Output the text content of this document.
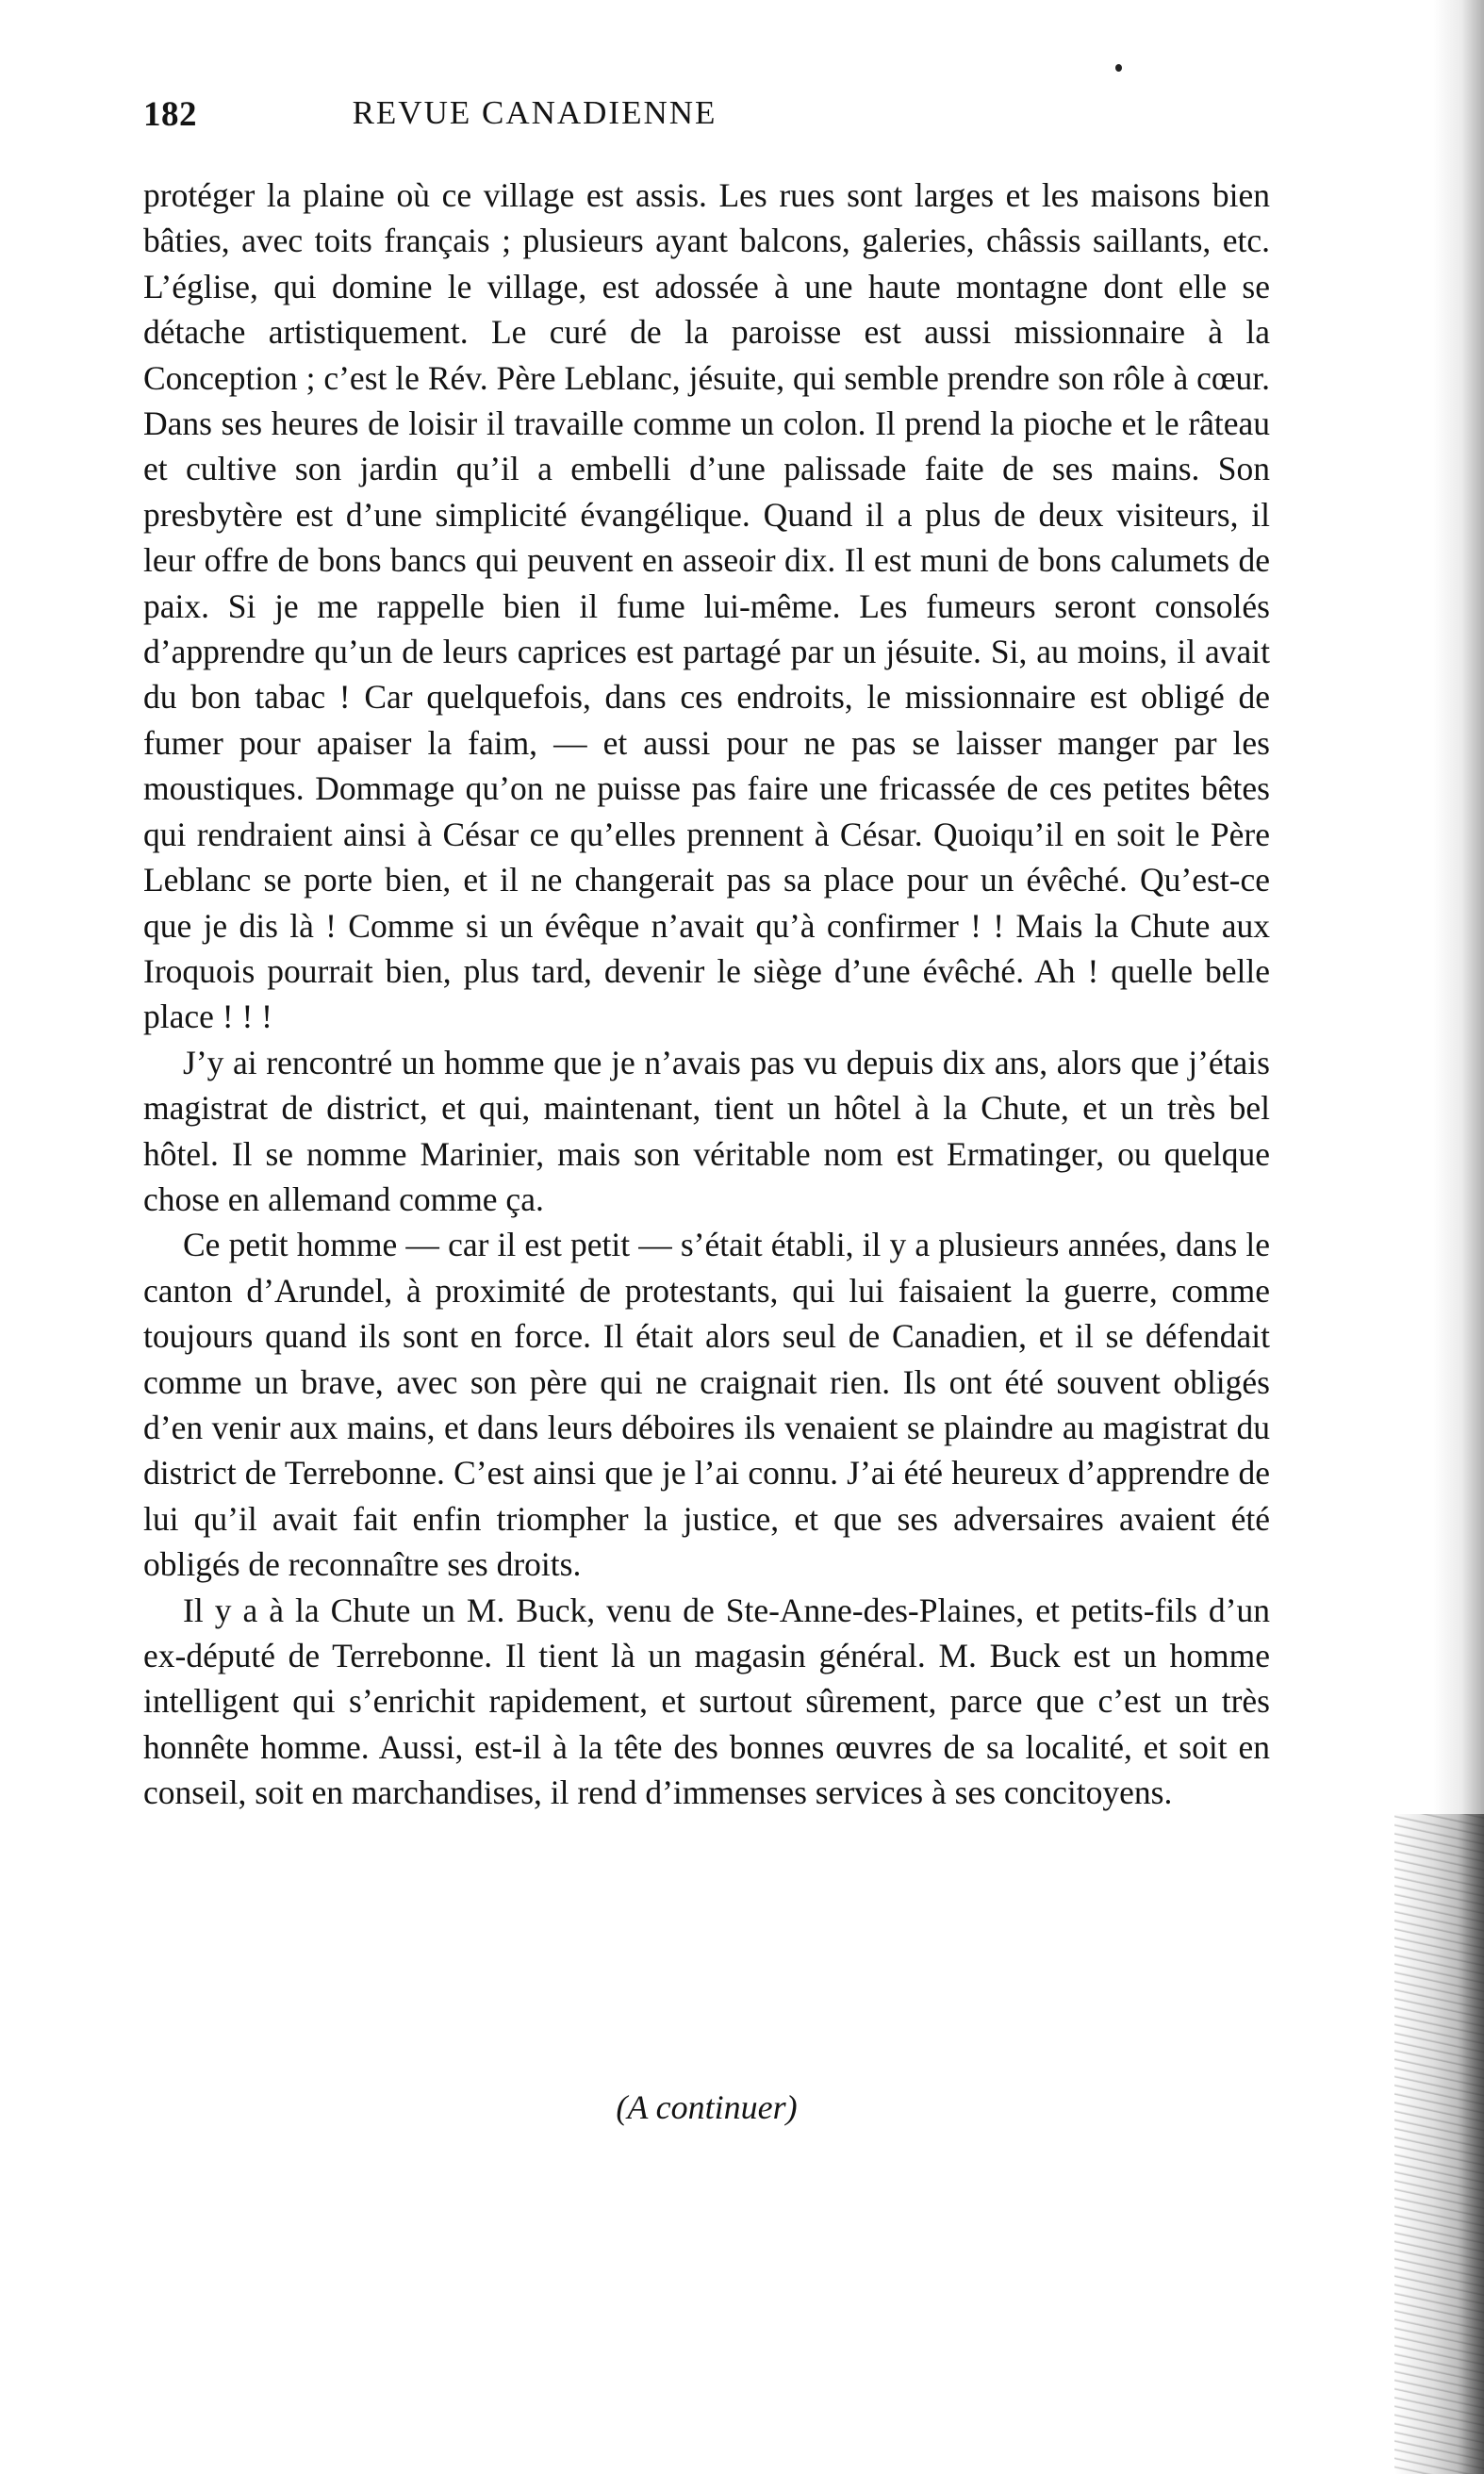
182	REVUE CANADIENNE

protéger la plaine où ce village est assis. Les rues sont larges et les maisons bien bâties, avec toits français ; plusieurs ayant balcons, galeries, châssis saillants, etc. L’église, qui domine le village, est adossée à une haute montagne dont elle se détache artistiquement. Le curé de la paroisse est aussi missionnaire à la Conception ; c’est le Rév. Père Leblanc, jésuite, qui semble prendre son rôle à cœur. Dans ses heures de loisir il travaille comme un colon. Il prend la pioche et le râteau et cultive son jardin qu’il a embelli d’une palissade faite de ses mains. Son presbytère est d’une simplicité évangélique. Quand il a plus de deux visiteurs, il leur offre de bons bancs qui peuvent en asseoir dix. Il est muni de bons calumets de paix. Si je me rappelle bien il fume lui-même. Les fumeurs seront consolés d’apprendre qu’un de leurs caprices est partagé par un jésuite. Si, au moins, il avait du bon tabac ! Car quelquefois, dans ces endroits, le missionnaire est obligé de fumer pour apaiser la faim, — et aussi pour ne pas se laisser manger par les moustiques. Dommage qu’on ne puisse pas faire une fricassée de ces petites bêtes qui rendraient ainsi à César ce qu’elles prennent à César. Quoiqu’il en soit le Père Leblanc se porte bien, et il ne changerait pas sa place pour un évêché. Qu’est-ce que je dis là ! Comme si un évêque n’avait qu’à confirmer ! ! Mais la Chute aux Iroquois pourrait bien, plus tard, devenir le siège d’une évêché. Ah ! quelle belle place ! ! !

J’y ai rencontré un homme que je n’avais pas vu depuis dix ans, alors que j’étais magistrat de district, et qui, maintenant, tient un hôtel à la Chute, et un très bel hôtel. Il se nomme Marinier, mais son véritable nom est Ermatinger, ou quelque chose en allemand comme ça.

Ce petit homme — car il est petit — s’était établi, il y a plusieurs années, dans le canton d’Arundel, à proximité de protestants, qui lui faisaient la guerre, comme toujours quand ils sont en force. Il était alors seul de Canadien, et il se défendait comme un brave, avec son père qui ne craignait rien. Ils ont été souvent obligés d’en venir aux mains, et dans leurs déboires ils venaient se plaindre au magistrat du district de Terrebonne. C’est ainsi que je l’ai connu. J’ai été heureux d’apprendre de lui qu’il avait fait enfin triompher la justice, et que ses adversaires avaient été obligés de reconnaître ses droits.

Il y a à la Chute un M. Buck, venu de Ste-Anne-des-Plaines, et petits-fils d’un ex-député de Terrebonne. Il tient là un magasin général. M. Buck est un homme intelligent qui s’enrichit rapidement, et surtout sûrement, parce que c’est un très honnête homme. Aussi, est-il à la tête des bonnes œuvres de sa localité, et soit en conseil, soit en marchandises, il rend d’immenses services à ses concitoyens.

(A continuer)
